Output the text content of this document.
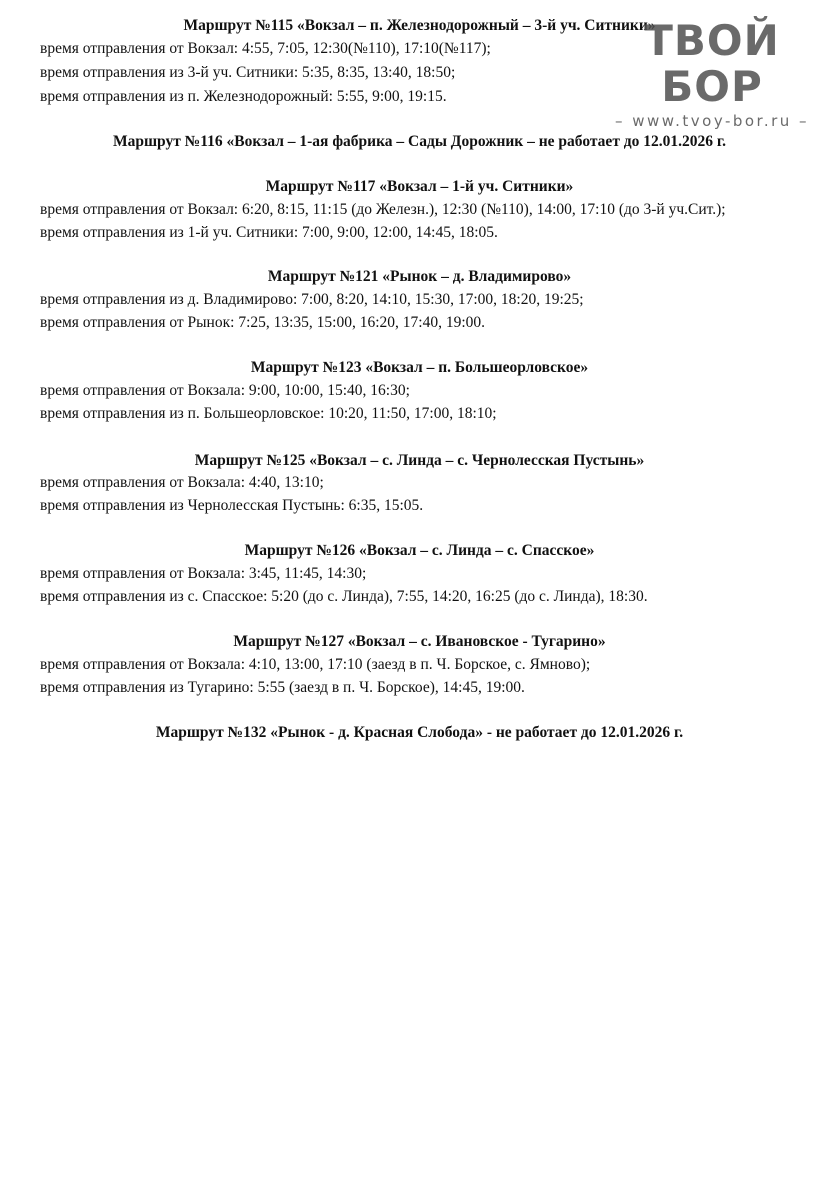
Маршрут №115 «Вокзал – п. Железнодорожный – 3-й уч. Ситники»
время отправления от Вокзал: 4:55, 7:05, 12:30(№110), 17:10(№117);
время отправления из 3-й уч. Ситники: 5:35, 8:35, 13:40, 18:50;
время отправления из п. Железнодорожный: 5:55, 9:00, 19:15.
Маршрут №116 «Вокзал – 1-ая фабрика – Сады Дорожник – не работает до 12.01.2026 г.
Маршрут №117 «Вокзал – 1-й уч. Ситники»
время отправления от Вокзал: 6:20, 8:15, 11:15 (до Железн.), 12:30 (№110), 14:00, 17:10 (до 3-й уч.Сит.);
время отправления из 1-й уч. Ситники: 7:00, 9:00, 12:00, 14:45, 18:05.
Маршрут №121 «Рынок – д. Владимирово»
время отправления из д. Владимирово: 7:00, 8:20, 14:10, 15:30, 17:00, 18:20, 19:25;
время отправления от Рынок: 7:25, 13:35, 15:00, 16:20, 17:40, 19:00.
Маршрут №123 «Вокзал – п. Большеорловское»
время отправления от Вокзала: 9:00, 10:00, 15:40, 16:30;
время отправления из п. Большеорловское: 10:20, 11:50, 17:00, 18:10;
Маршрут №125 «Вокзал – с. Линда – с. Чернолесская Пустынь»
время отправления от Вокзала: 4:40, 13:10;
время отправления из Чернолесская Пустынь: 6:35, 15:05.
Маршрут №126 «Вокзал – с. Линда – с. Спасское»
время отправления от Вокзала: 3:45, 11:45, 14:30;
время отправления из с. Спасское: 5:20 (до с. Линда), 7:55, 14:20, 16:25 (до с. Линда), 18:30.
Маршрут №127 «Вокзал – с. Ивановское - Тугарино»
время отправления от Вокзала: 4:10, 13:00, 17:10 (заезд в п. Ч. Борское, с. Ямново);
время отправления из Тугарино: 5:55 (заезд в п. Ч. Борское), 14:45, 19:00.
Маршрут №132 «Рынок - д. Красная Слобода» - не работает до 12.01.2026 г.
ТВОЙ БОР
– www.tvoy-bor.ru –
